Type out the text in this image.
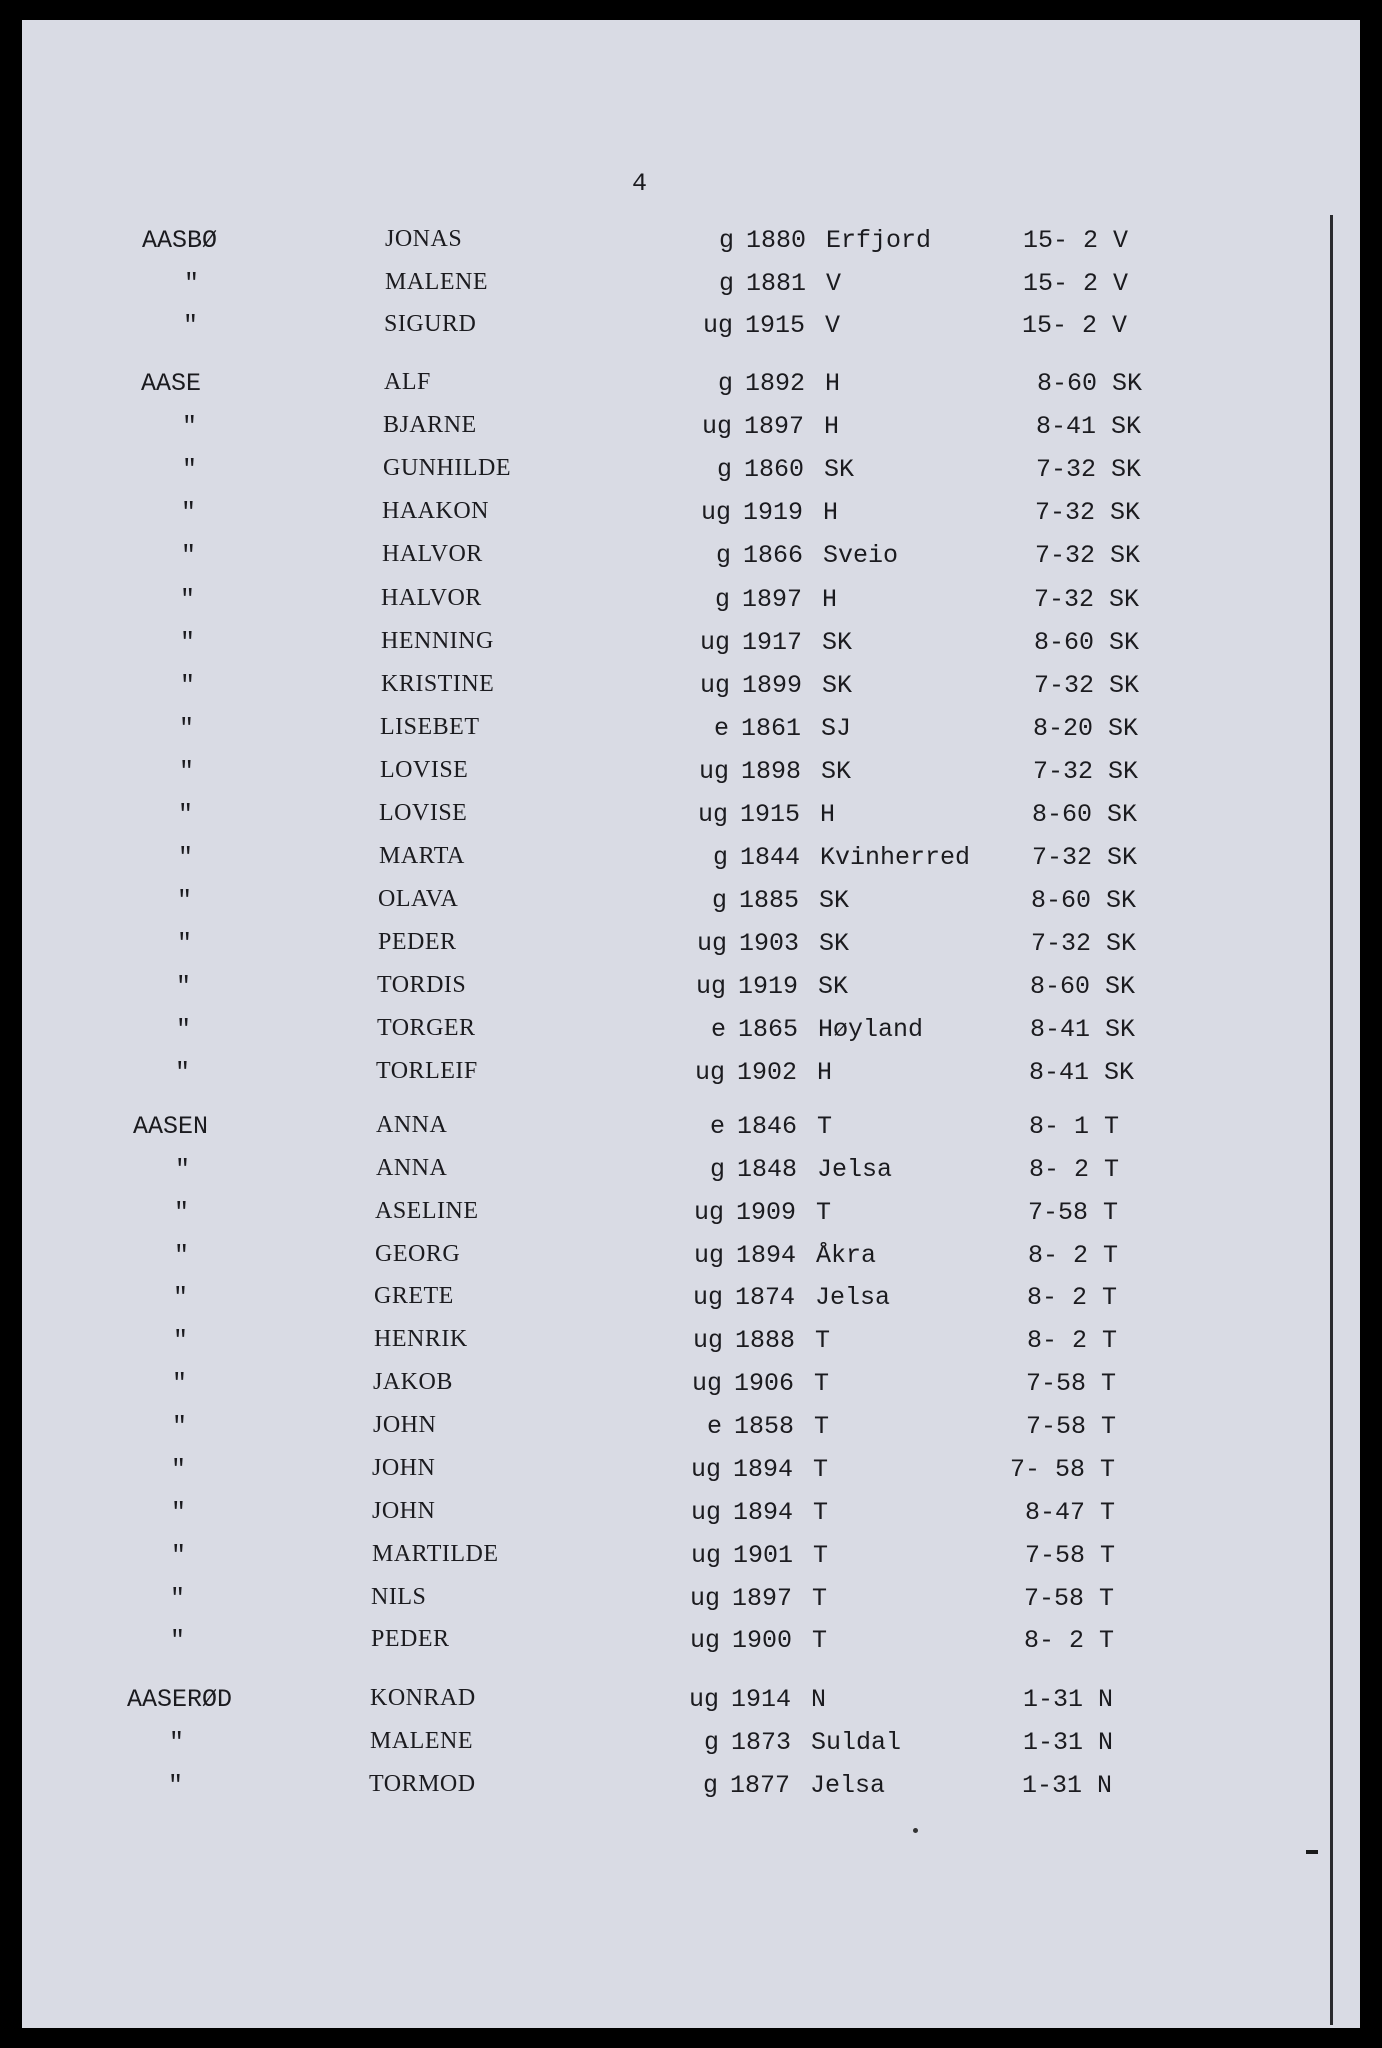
4
AASBØ	JONAS	g 1880 Erfjord	15- 2 V
"	MALENE	g 1881 V	15- 2 V
"	SIGURD	ug 1915 V	15- 2 V
AASE	ALF	g 1892 H	8-60 SK
"	BJARNE	ug 1897 H	8-41 SK
"	GUNHILDE	g 1860 SK	7-32 SK
"	HAAKON	ug 1919 H	7-32 SK
"	HALVOR	g 1866 Sveio	7-32 SK
"	HALVOR	g 1897 H	7-32 SK
"	HENNING	ug 1917 SK	8-60 SK
"	KRISTINE	ug 1899 SK	7-32 SK
"	LISEBET	e 1861 SJ	8-20 SK
"	LOVISE	ug 1898 SK	7-32 SK
"	LOVISE	ug 1915 H	8-60 SK
"	MARTA	g 1844 Kvinherred	7-32 SK
"	OLAVA	g 1885 SK	8-60 SK
"	PEDER	ug 1903 SK	7-32 SK
"	TORDIS	ug 1919 SK	8-60 SK
"	TORGER	e 1865 Høyland	8-41 SK
"	TORLEIF	ug 1902 H	8-41 SK
AASEN	ANNA	e 1846 T	8- 1 T
"	ANNA	g 1848 Jelsa	8- 2 T
"	ASELINE	ug 1909 T	7-58 T
"	GEORG	ug 1894 Åkra	8- 2 T
"	GRETE	ug 1874 Jelsa	8- 2 T
"	HENRIK	ug 1888 T	8- 2 T
"	JAKOB	ug 1906 T	7-58 T
"	JOHN	e 1858 T	7-58 T
"	JOHN	ug 1894 T	7- 58 T
"	JOHN	ug 1894 T	8-47 T
"	MARTILDE	ug 1901 T	7-58 T
"	NILS	ug 1897 T	7-58 T
"	PEDER	ug 1900 T	8- 2 T
AASERØD	KONRAD	ug 1914 N	1-31 N
"	MALENE	g 1873 Suldal	1-31 N
"	TORMOD	g 1877 Jelsa	1-31 N
